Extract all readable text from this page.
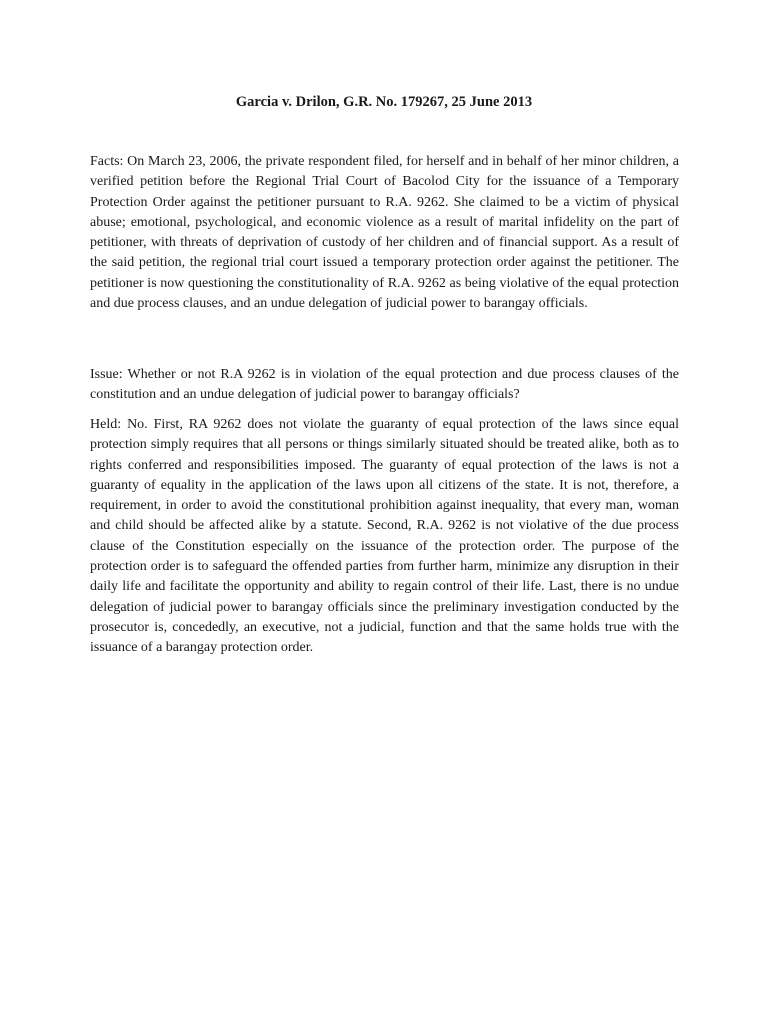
Garcia v. Drilon, G.R. No. 179267, 25 June 2013

Facts: On March 23, 2006, the private respondent filed, for herself and in behalf of her minor children, a verified petition before the Regional Trial Court of Bacolod City for the issuance of a Temporary Protection Order against the petitioner pursuant to R.A. 9262. She claimed to be a victim of physical abuse; emotional, psychological, and economic violence as a result of marital infidelity on the part of petitioner, with threats of deprivation of custody of her children and of financial support. As a result of the said petition, the regional trial court issued a temporary protection order against the petitioner. The petitioner is now questioning the constitutionality of R.A. 9262 as being violative of the equal protection and due process clauses, and an undue delegation of judicial power to barangay officials.

Issue: Whether or not R.A 9262 is in violation of the equal protection and due process clauses of the constitution and an undue delegation of judicial power to barangay officials?

Held: No. First, RA 9262 does not violate the guaranty of equal protection of the laws since equal protection simply requires that all persons or things similarly situated should be treated alike, both as to rights conferred and responsibilities imposed. The guaranty of equal protection of the laws is not a guaranty of equality in the application of the laws upon all citizens of the state. It is not, therefore, a requirement, in order to avoid the constitutional prohibition against inequality, that every man, woman and child should be affected alike by a statute. Second, R.A. 9262 is not violative of the due process clause of the Constitution especially on the issuance of the protection order. The purpose of the protection order is to safeguard the offended parties from further harm, minimize any disruption in their daily life and facilitate the opportunity and ability to regain control of their life. Last, there is no undue delegation of judicial power to barangay officials since the preliminary investigation conducted by the prosecutor is, concededly, an executive, not a judicial, function and that the same holds true with the issuance of a barangay protection order.
